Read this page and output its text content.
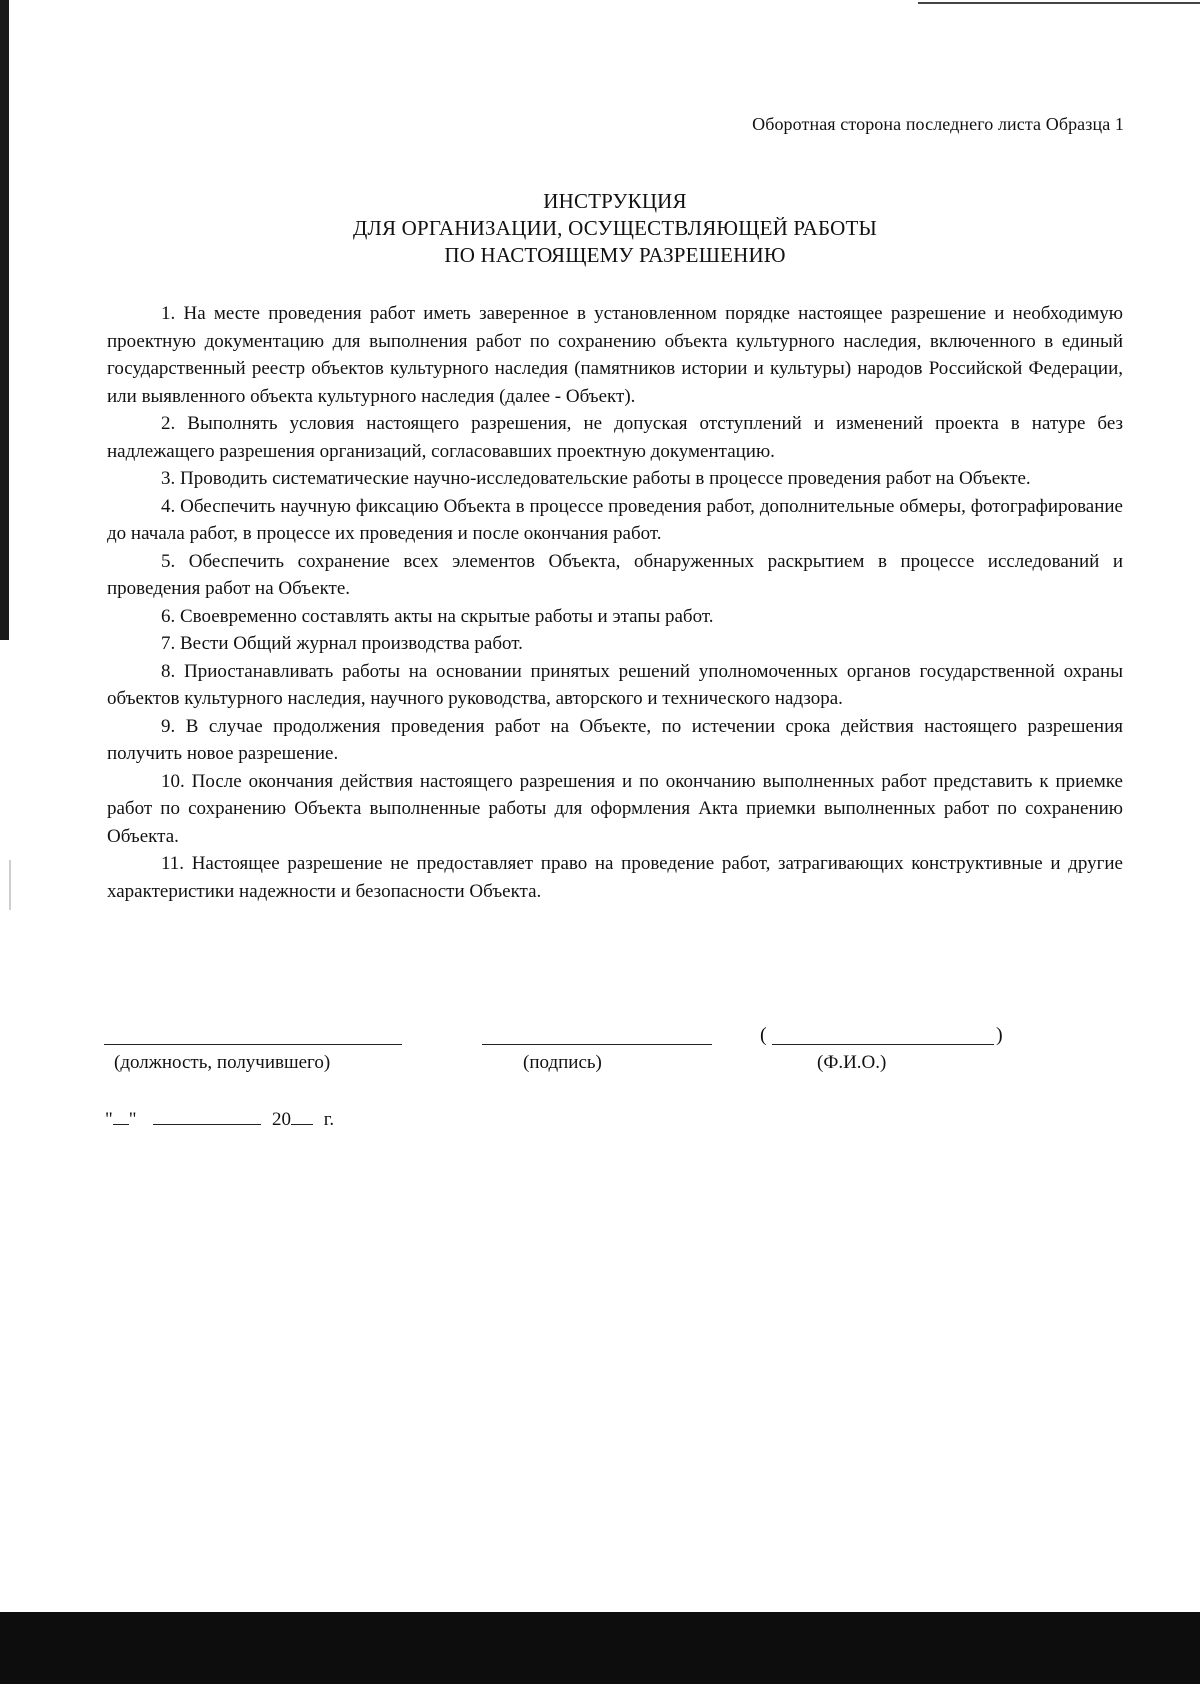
Оборотная сторона последнего листа Образца 1
ИНСТРУКЦИЯ
ДЛЯ ОРГАНИЗАЦИИ, ОСУЩЕСТВЛЯЮЩЕЙ РАБОТЫ
ПО НАСТОЯЩЕМУ РАЗРЕШЕНИЮ

1. На месте проведения работ иметь заверенное в установленном порядке настоящее разрешение и необходимую проектную документацию для выполнения работ по сохранению объекта культурного наследия, включенного в единый государственный реестр объектов культурного наследия (памятников истории и культуры) народов Российской Федерации, или выявленного объекта культурного наследия (далее - Объект).

2. Выполнять условия настоящего разрешения, не допуская отступлений и изменений проекта в натуре без надлежащего разрешения организаций, согласовавших проектную документацию.

3. Проводить систематические научно-исследовательские работы в процессе проведения работ на Объекте.

4. Обеспечить научную фиксацию Объекта в процессе проведения работ, дополнительные обмеры, фотографирование до начала работ, в процессе их проведения и после окончания работ.

5. Обеспечить сохранение всех элементов Объекта, обнаруженных раскрытием в процессе исследований и проведения работ на Объекте.

6. Своевременно составлять акты на скрытые работы и этапы работ.

7. Вести Общий журнал производства работ.

8. Приостанавливать работы на основании принятых решений уполномоченных органов государственной охраны объектов культурного наследия, научного руководства, авторского и технического надзора.

9. В случае продолжения проведения работ на Объекте, по истечении срока действия настоящего разрешения получить новое разрешение.

10. После окончания действия настоящего разрешения и по окончанию выполненных работ представить к приемке работ по сохранению Объекта выполненные работы для оформления Акта приемки выполненных работ по сохранению Объекта.

11. Настоящее разрешение не предоставляет право на проведение работ, затрагивающих конструктивные и другие характеристики надежности и безопасности Объекта.

(должность, получившего)	(подпись)
(	)
(Ф.И.О.)
" "	20 г.
